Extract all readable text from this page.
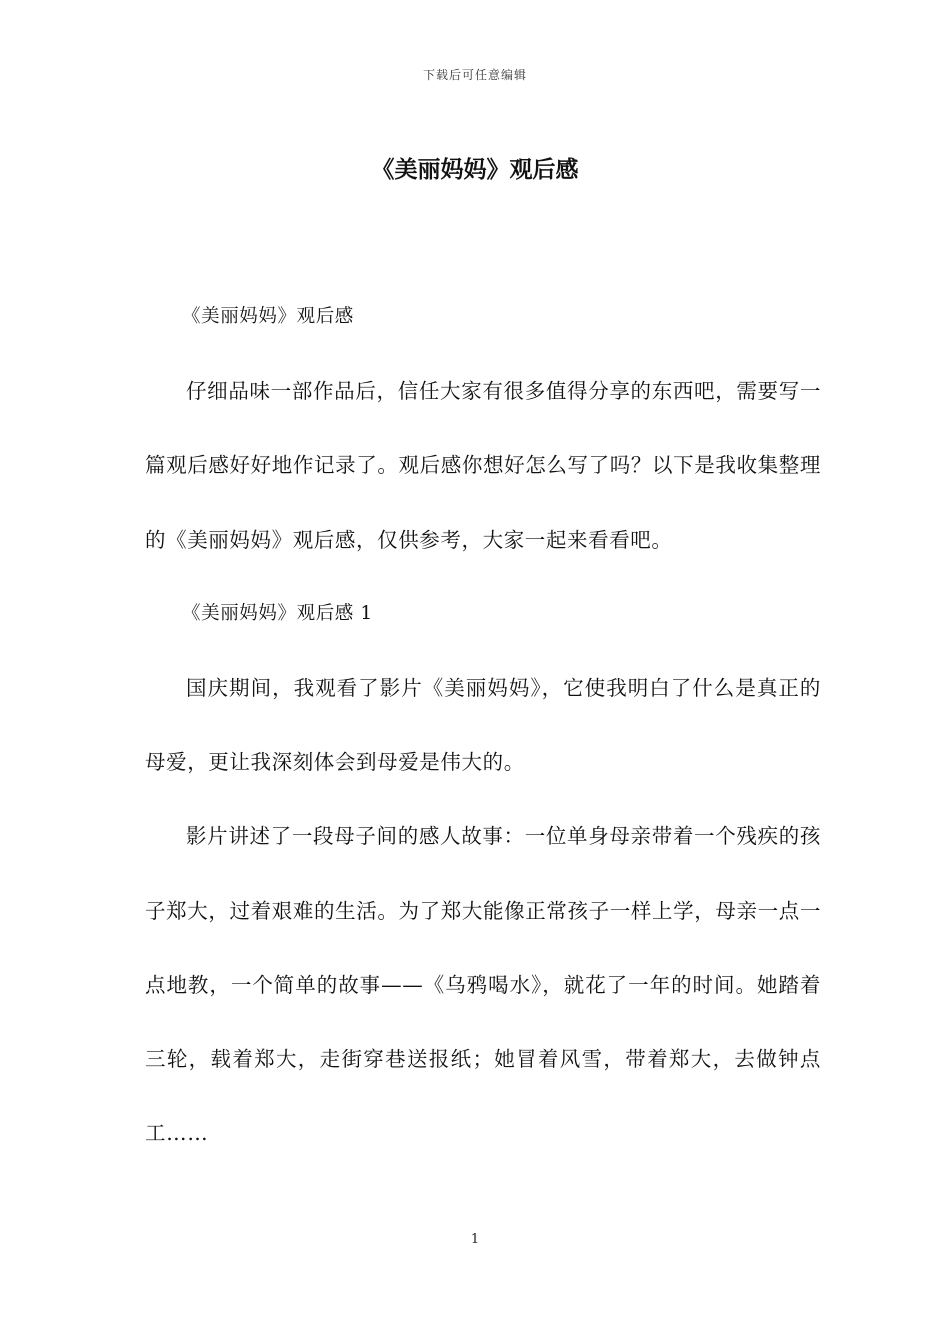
下载后可任意编辑
《美丽妈妈》观后感

《美丽妈妈》观后感

仔细品味一部作品后，信任大家有很多值得分享的东西吧，需要写一篇观后感好好地作记录了。观后感你想好怎么写了吗？以下是我收集整理的《美丽妈妈》观后感，仅供参考，大家一起来看看吧。

《美丽妈妈》观后感 1

国庆期间，我观看了影片《美丽妈妈》，它使我明白了什么是真正的母爱，更让我深刻体会到母爱是伟大的。

影片讲述了一段母子间的感人故事：一位单身母亲带着一个残疾的孩子郑大，过着艰难的生活。为了郑大能像正常孩子一样上学，母亲一点一点地教，一个简单的故事——《乌鸦喝水》，就花了一年的时间。她踏着三轮，载着郑大，走街穿巷送报纸；她冒着风雪，带着郑大，去做钟点工……

1
